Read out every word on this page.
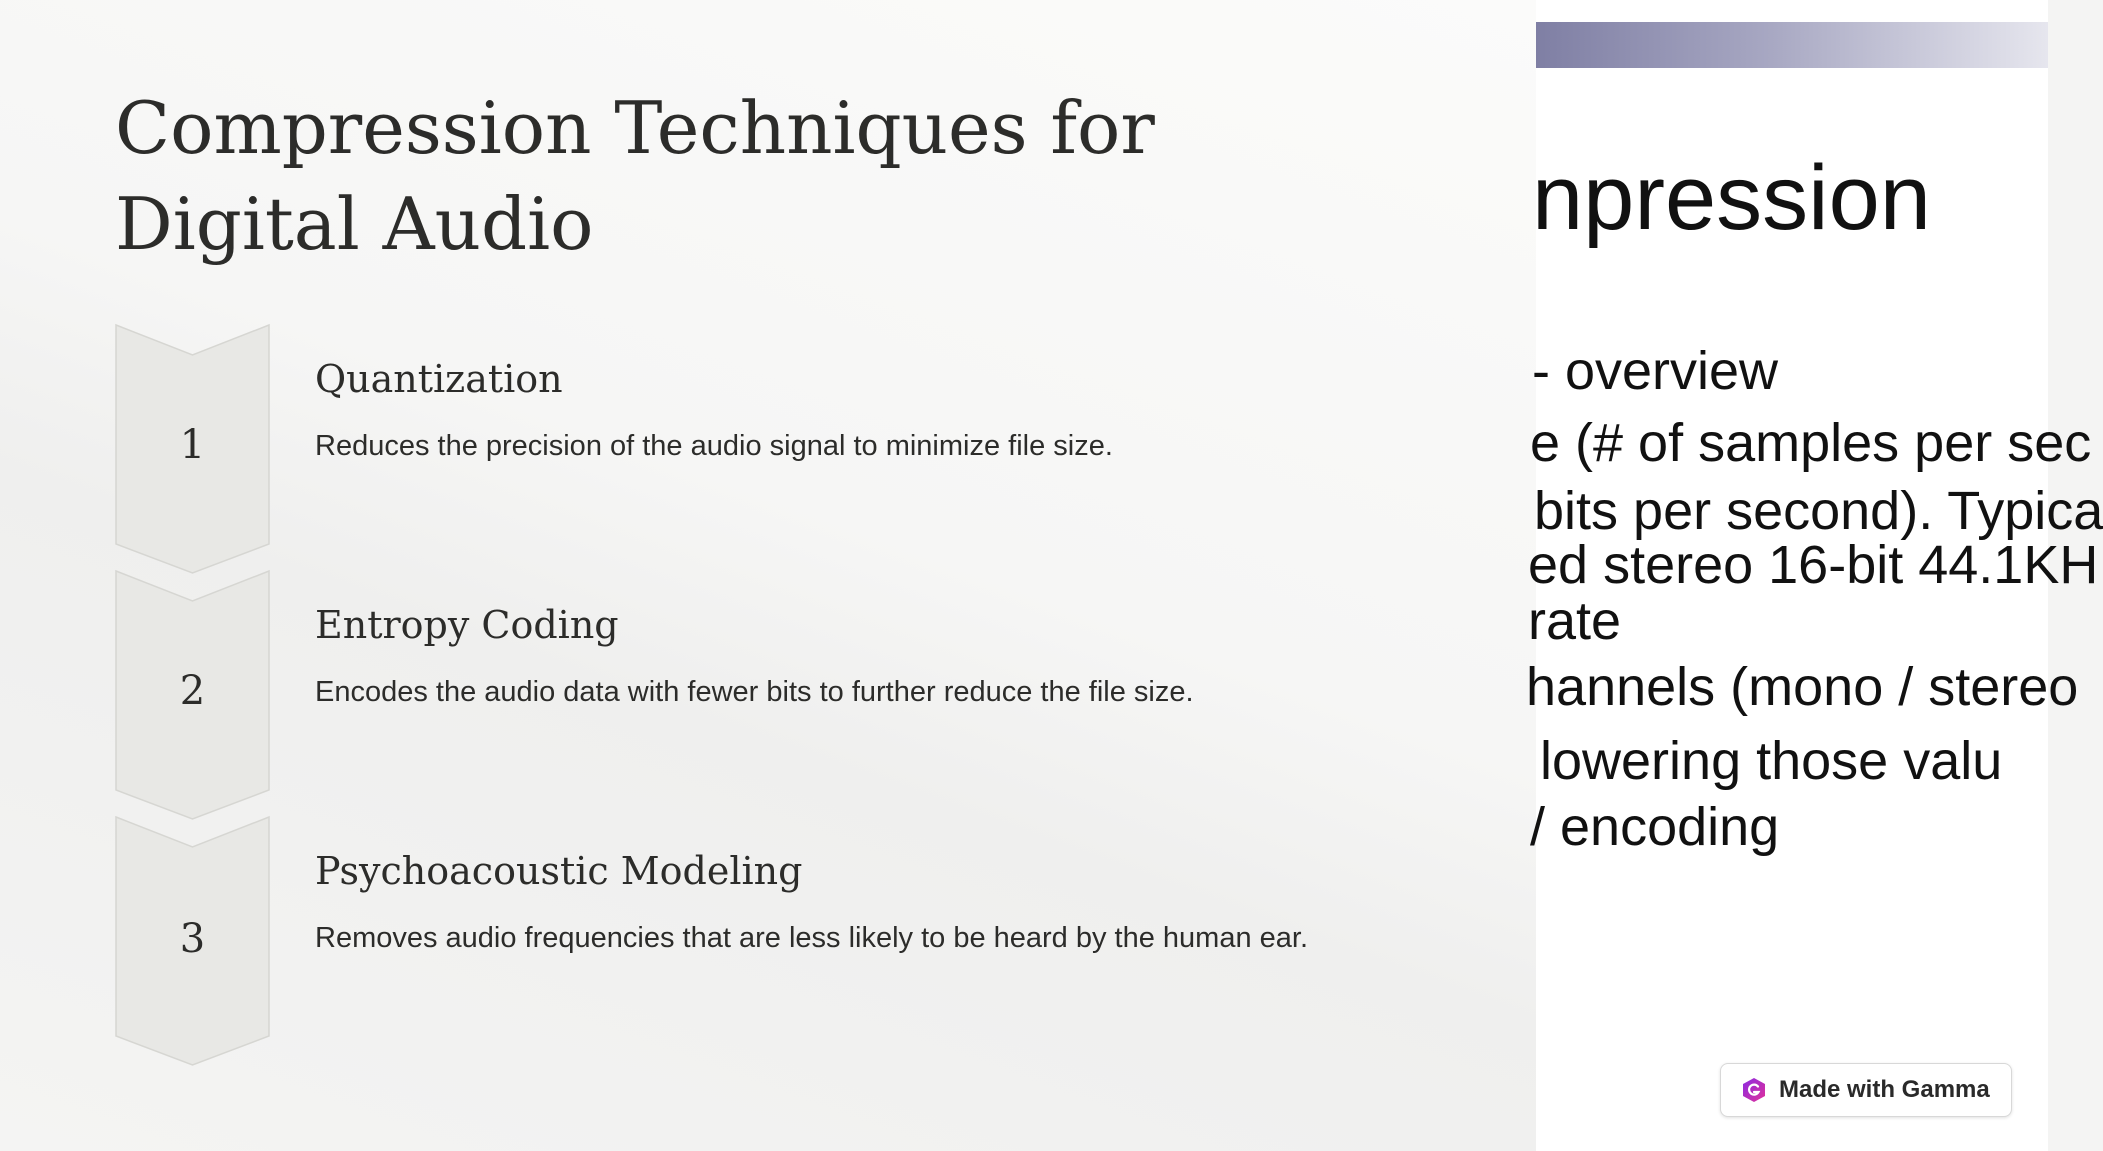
Compression Techniques for Digital Audio
1
Quantization

Reduces the precision of the audio signal to minimize file size.

2
Entropy Coding

Encodes the audio data with fewer bits to further reduce the file size.

3
Psychoacoustic Modeling

Removes audio frequencies that are less likely to be heard by the human ear.

npression
- overview
e (# of samples per sec
bits per second). Typica
ed stereo 16-bit 44.1KH
rate
hannels (mono / stereo
lowering those valu
/ encoding
Made with Gamma
